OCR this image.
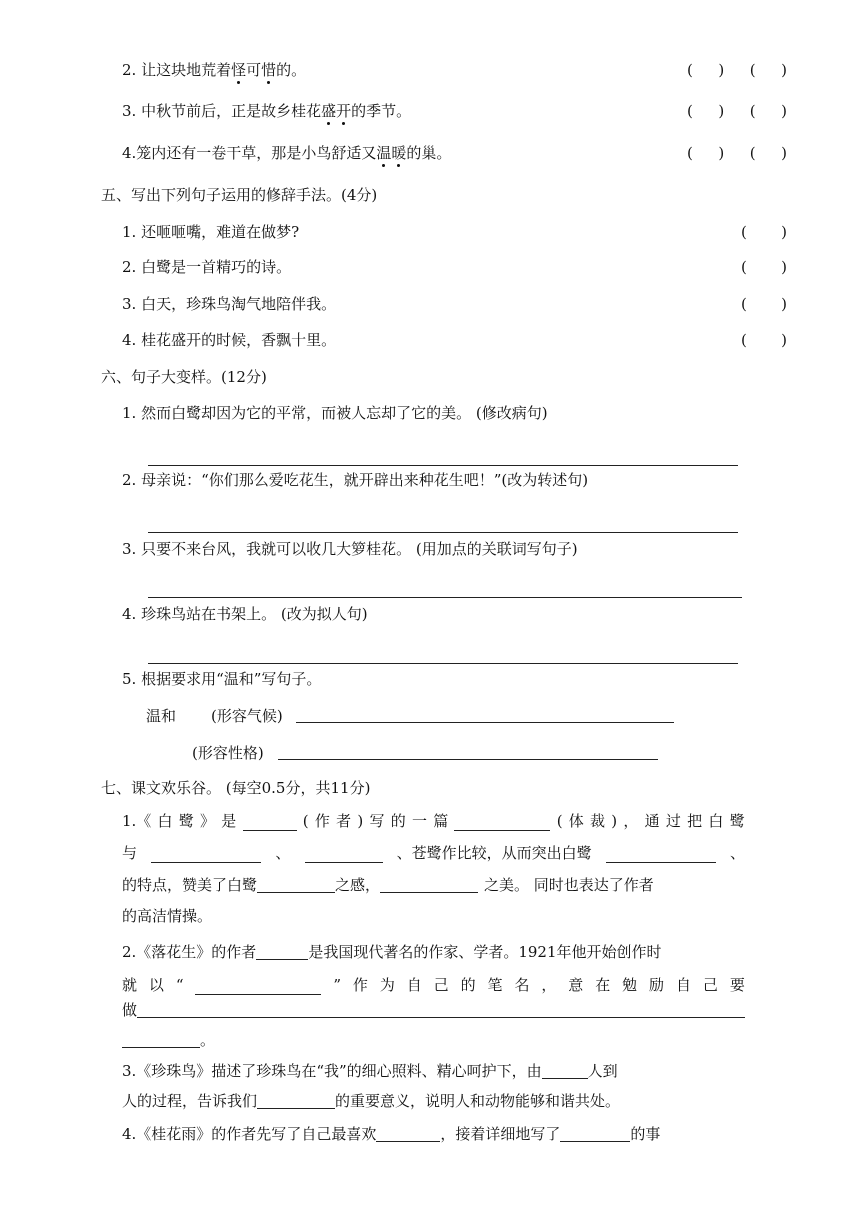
2. 让这块地荒着怪可惜的。	( ) ( )
3. 中秋节前后，正是故乡桂花盛开的季节。	( ) ( )
4.笼内还有一卷干草，那是小鸟舒适又温暖的巢。	( ) ( )
五、写出下列句子运用的修辞手法。(4分)
1. 还咂咂嘴，难道在做梦?	( )
2. 白鹭是一首精巧的诗。	( )
3. 白天，珍珠鸟淘气地陪伴我。	( )
4. 桂花盛开的时候，香飘十里。	( )
六、句子大变样。(12分)
1. 然而白鹭却因为它的平常，而被人忘却了它的美。 (修改病句)
2. 母亲说：“你们那么爱吃花生，就开辟出来种花生吧！”(改为转述句)
3. 只要不来台风，我就可以收几大箩桂花。 (用加点的关联词写句子)
4. 珍珠鸟站在书架上。 (改为拟人句)
5. 根据要求用“温和”写句子。
温和 (形容气候)
(形容性格)
七、课文欢乐谷。 (每空0.5分，共11分)
1.《 白 鹭 》 是	( 作 者 ) 写 的 一 篇	( 体 裁 ) ， 通 过 把 白 鹭
与	、	、苍鹭作比较，从而突出白鹭	、
的特点，赞美了白鹭	之感，	之美。 同时也表达了作者
的高洁情操。
2.《落花生》的作者	是我国现代著名的作家、学者。1921年他开始创作时
就 以 “	” 作 为 自 己 的 笔 名 ， 意 在 勉 励 自 己 要
做
。
3.《珍珠鸟》描述了珍珠鸟在“我”的细心照料、精心呵护下，由	人到
人的过程，告诉我们	的重要意义，说明人和动物能够和谐共处。
4.《桂花雨》的作者先写了自己最喜欢	，接着详细地写了	的事
